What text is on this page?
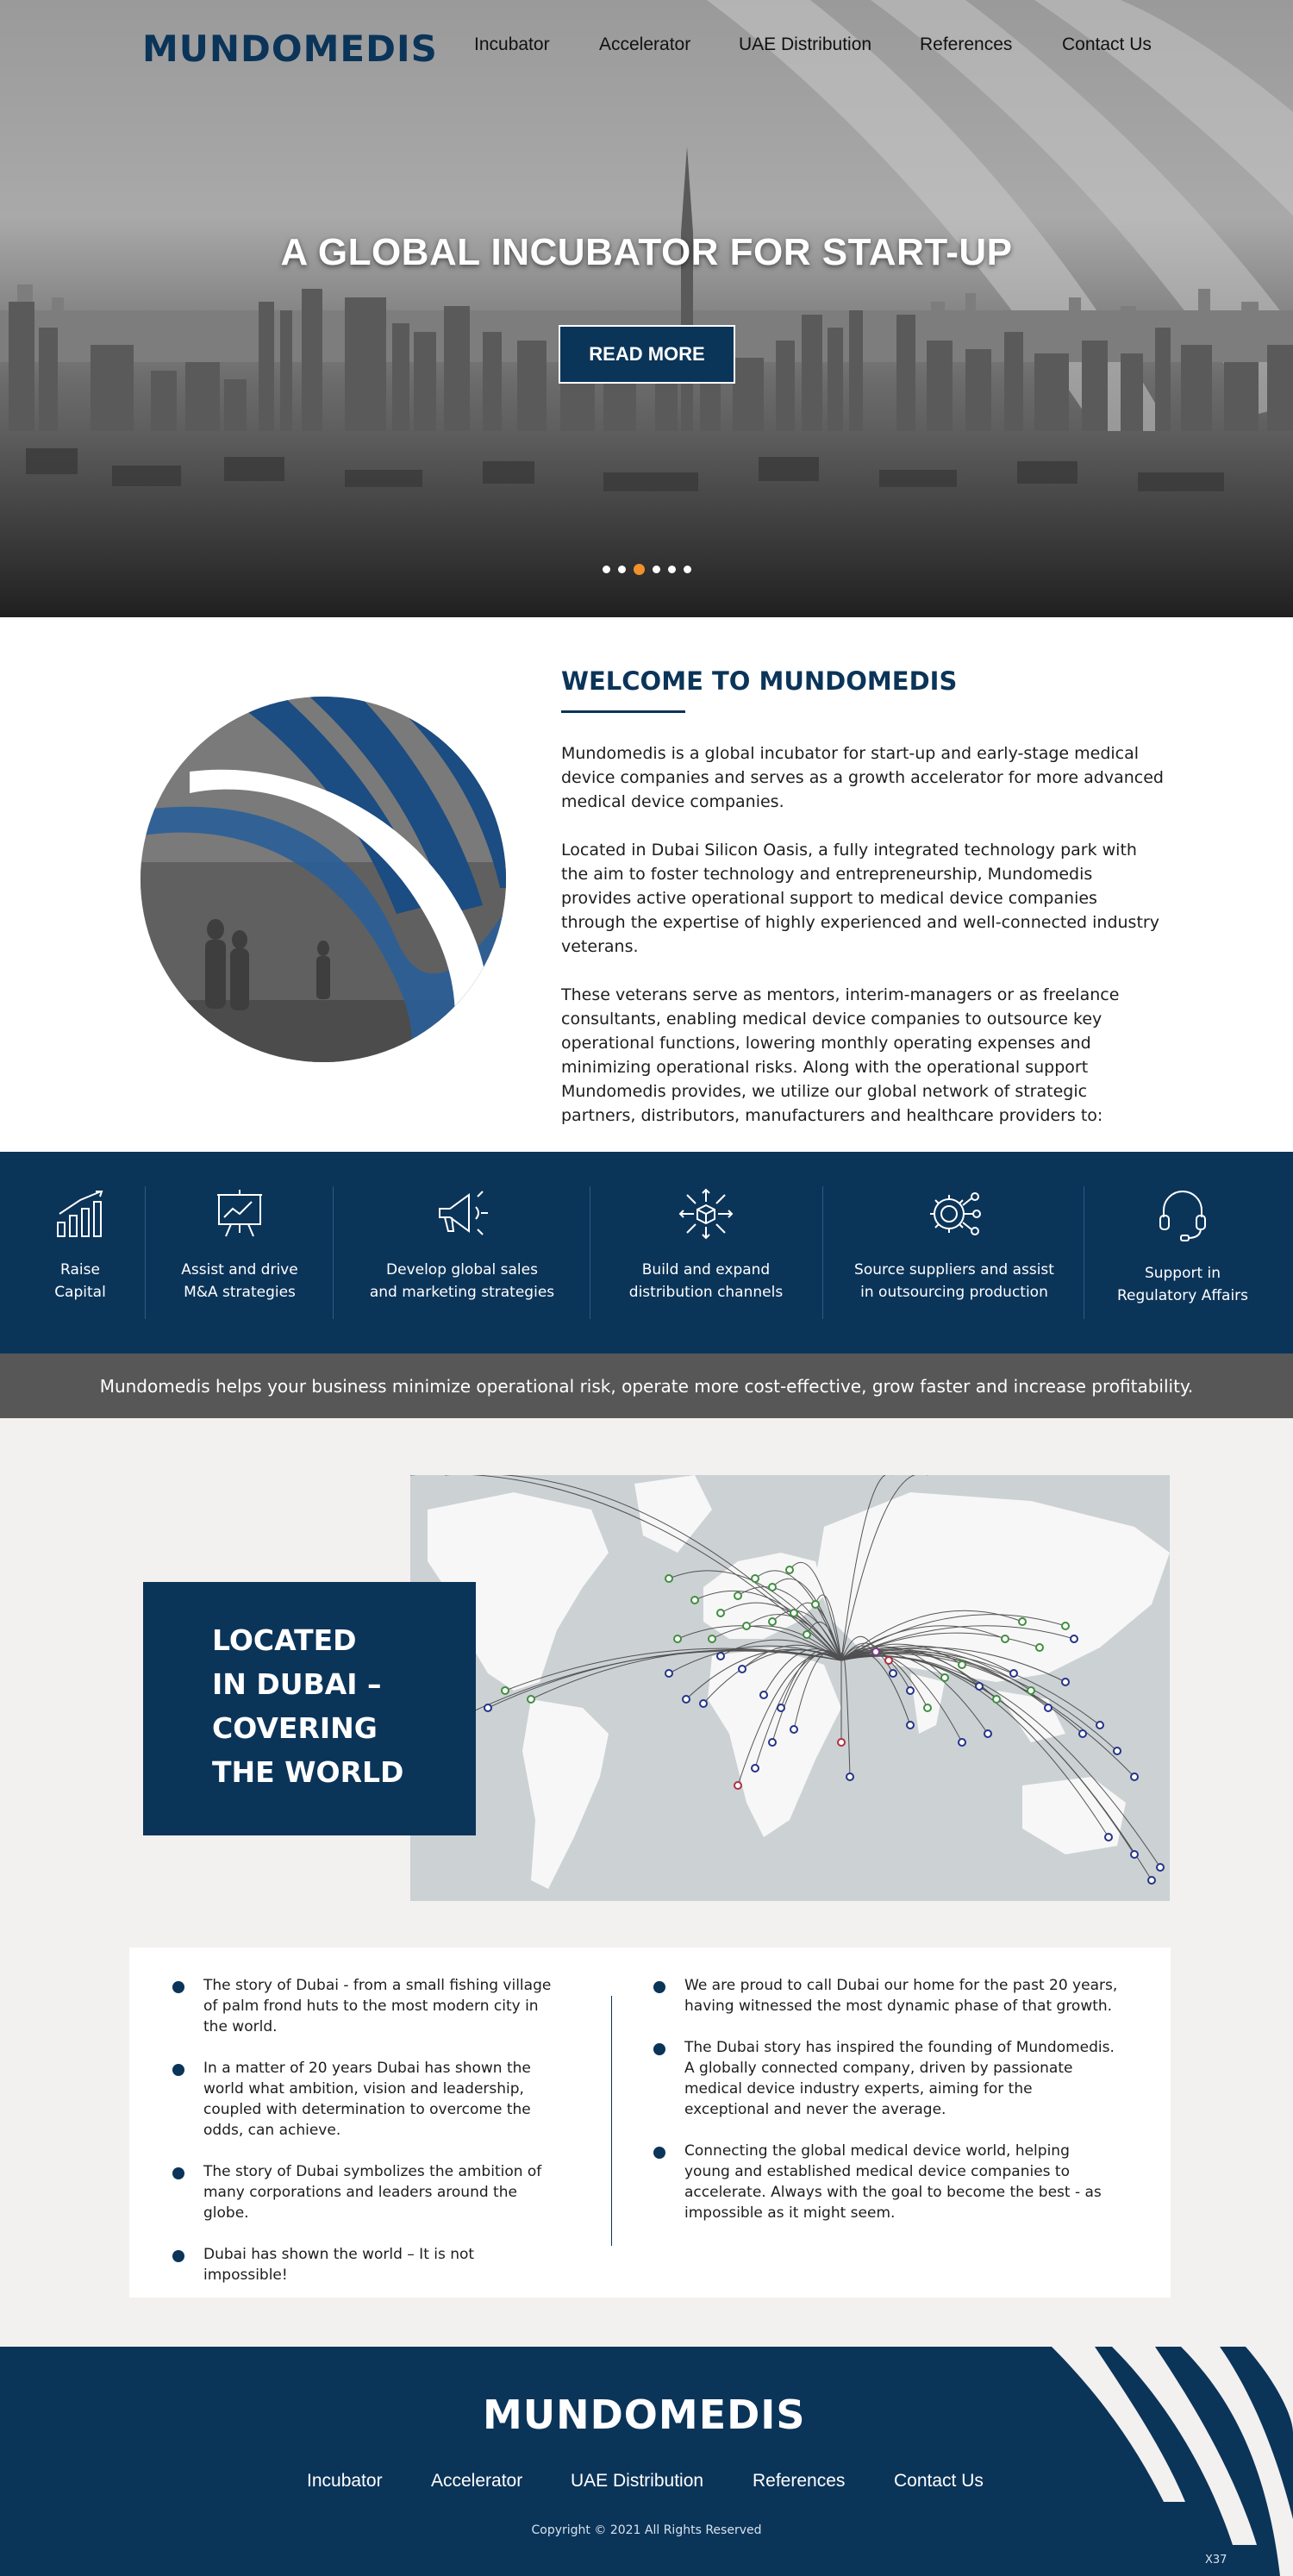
MUNDOMEDIS Incubator	Accelerator	UAE Distribution	References	Contact Us
A GLOBAL INCUBATOR FOR START-UP
READ MORE
WELCOME TO MUNDOMEDIS

Mundomedis is a global incubator for start-up and early-stage medical device companies and serves as a growth accelerator for more advanced medical device companies.

Located in Dubai Silicon Oasis, a fully integrated technology park with the aim to foster technology and entrepreneurship, Mundomedis provides active operational support to medical device companies through the expertise of highly experienced and well-connected industry veterans.

These veterans serve as mentors, interim-managers or as freelance consultants, enabling medical device companies to outsource key operational functions, lowering monthly operating expenses and minimizing operational risks. Along with the operational support Mundomedis provides, we utilize our global network of strategic partners, distributors, manufacturers and healthcare providers to:

Raise
Capital
Assist and drive
M&A strategies
Develop global sales
and marketing strategies
Build and expand
distribution channels
Source suppliers and assist
in outsourcing production
Support in
Regulatory Affairs
Mundomedis helps your business minimize operational risk, operate more cost-effective, grow faster and increase profitability.
LOCATED
IN DUBAI –
COVERING
THE WORLD
The story of Dubai - from a small fishing village of palm frond huts to the most modern city in the world.
In a matter of 20 years Dubai has shown the world what ambition, vision and leadership, coupled with determination to overcome the odds, can achieve.
The story of Dubai symbolizes the ambition of many corporations and leaders around the globe.
Dubai has shown the world – It is not impossible!
We are proud to call Dubai our home for the past 20 years, having witnessed the most dynamic phase of that growth.
The Dubai story has inspired the founding of Mundomedis. A globally connected company, driven by passionate medical device industry experts, aiming for the exceptional and never the average.
Connecting the global medical device world, helping young and established medical device companies to accelerate. Always with the goal to become the best - as impossible as it might seem.
MUNDOMEDIS
Incubator	Accelerator	UAE Distribution	References	Contact Us
Copyright © 2021 All Rights Reserved
X37
